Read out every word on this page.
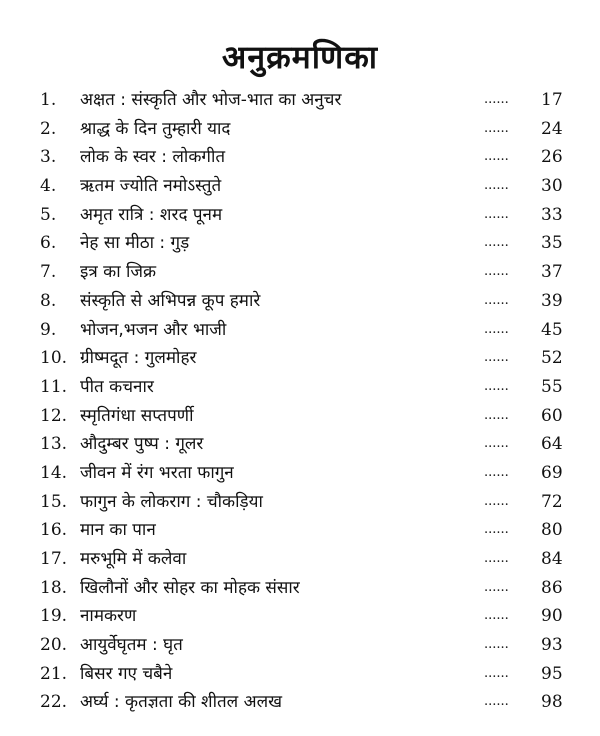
अनुक्रमणिका
1. अक्षत : संस्कृति और भोज-भात का अनुचर	...... 17
2. श्राद्ध के दिन तुम्हारी याद	...... 24
3. लोक के स्वर : लोकगीत	...... 26
4. ऋतम ज्योति नमोऽस्तुते	...... 30
5. अमृत रात्रि : शरद पूनम	...... 33
6. नेह सा मीठा : गुड़	...... 35
7. इत्र का जिक्र	...... 37
8. संस्कृति से अभिपन्न कूप हमारे	...... 39
9. भोजन,भजन और भाजी	...... 45
10. ग्रीष्मदूत : गुलमोहर	...... 52
11. पीत कचनार	...... 55
12. स्मृतिगंधा सप्तपर्णी	...... 60
13. औदुम्बर पुष्प : गूलर	...... 64
14. जीवन में रंग भरता फागुन	...... 69
15. फागुन के लोकराग : चौकड़िया	...... 72
16. मान का पान	...... 80
17. मरुभूमि में कलेवा	...... 84
18. खिलौनों और सोहर का मोहक संसार	...... 86
19. नामकरण	...... 90
20. आयुर्वेघृतम : घृत	...... 93
21. बिसर गए चबैने	...... 95
22. अर्घ्य : कृतज्ञता की शीतल अलख	...... 98
